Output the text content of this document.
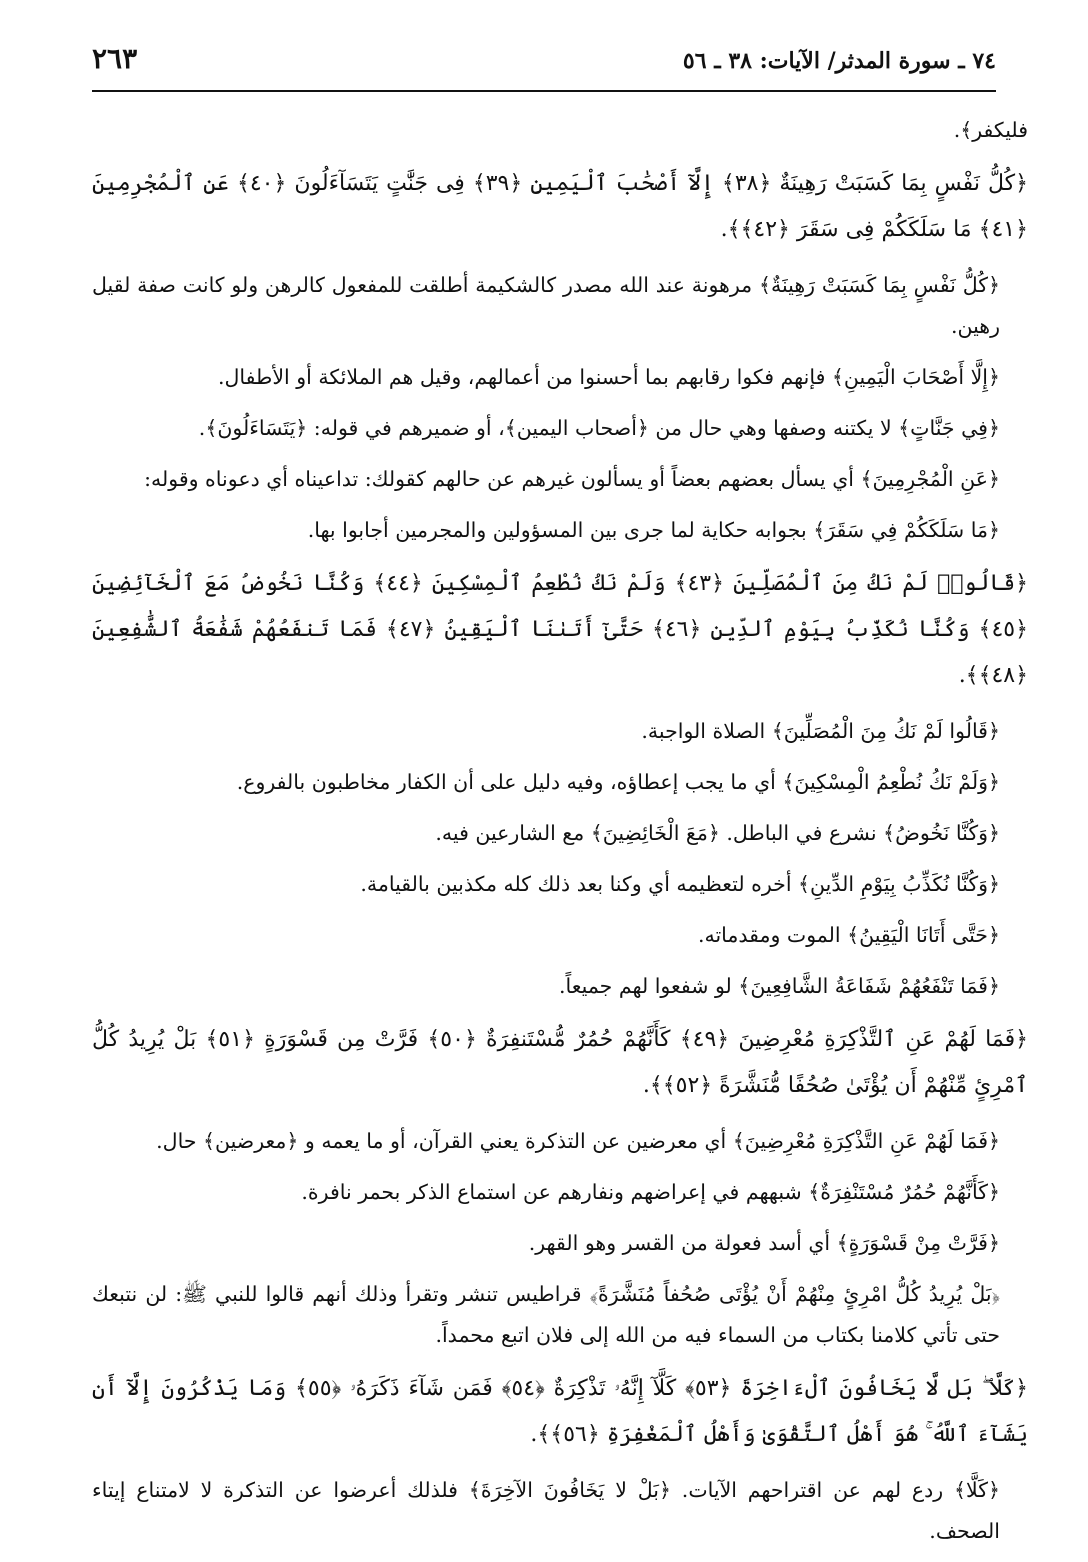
٧٤ ـ سورة المدثر/ الآيات: ٣٨ ـ ٥٦
٢٦٣

فليكفر﴾.

﴿كُلُّ نَفْسٍ بِمَا كَسَبَتْ رَهِينَةٌ ﴿٣٨﴾ إِلَّآ أَصْحَٰبَ ٱلْيَمِينِ ﴿٣٩﴾ فِى جَنَّٰتٍ يَتَسَآءَلُونَ ﴿٤٠﴾ عَنِ ٱلْمُجْرِمِينَ ﴿٤١﴾ مَا سَلَكَكُمْ فِى سَقَرَ ﴿٤٢﴾﴾.

﴿كُلُّ نَفْسٍ بِمَا كَسَبَتْ رَهِينَةٌ﴾ مرهونة عند الله مصدر كالشكيمة أطلقت للمفعول كالرهن ولو كانت صفة لقيل رهين.

﴿إِلَّا أَصْحَابَ الْيَمِينِ﴾ فإنهم فكوا رقابهم بما أحسنوا من أعمالهم، وقيل هم الملائكة أو الأطفال.

﴿فِي جَنَّاتٍ﴾ لا يكتنه وصفها وهي حال من ﴿أصحاب اليمين﴾، أو ضميرهم في قوله: ﴿يَتَسَاءَلُونَ﴾.

﴿عَنِ الْمُجْرِمِينَ﴾ أي يسأل بعضهم بعضاً أو يسألون غيرهم عن حالهم كقولك: تداعيناه أي دعوناه وقوله:

﴿مَا سَلَكَكُمْ فِي سَقَرَ﴾ بجوابه حكاية لما جرى بين المسؤولين والمجرمين أجابوا بها.

﴿قَالُوا۟ لَمْ نَكُ مِنَ ٱلْمُصَلِّينَ ﴿٤٣﴾ وَلَمْ نَكُ نُطْعِمُ ٱلْمِسْكِينَ ﴿٤٤﴾ وَكُنَّا نَخُوضُ مَعَ ٱلْخَآئِضِينَ ﴿٤٥﴾ وَكُنَّا نُكَذِّبُ بِيَوْمِ ٱلدِّينِ ﴿٤٦﴾ حَتَّىٰٓ أَتَىٰنَا ٱلْيَقِينُ ﴿٤٧﴾ فَمَا تَنفَعُهُمْ شَفَٰعَةُ ٱلشَّٰفِعِينَ ﴿٤٨﴾﴾.

﴿قَالُوا لَمْ نَكُ مِنَ الْمُصَلِّينَ﴾ الصلاة الواجبة.

﴿وَلَمْ نَكُ نُطْعِمُ الْمِسْكِينَ﴾ أي ما يجب إعطاؤه، وفيه دليل على أن الكفار مخاطبون بالفروع.

﴿وَكُنَّا نَخُوضُ﴾ نشرع في الباطل. ﴿مَعَ الْخَائِضِينَ﴾ مع الشارعين فيه.

﴿وَكُنَّا نُكَذِّبُ بِيَوْمِ الدِّينِ﴾ أخره لتعظيمه أي وكنا بعد ذلك كله مكذبين بالقيامة.

﴿حَتَّى أَتَانَا الْيَقِينُ﴾ الموت ومقدماته.

﴿فَمَا تَنْفَعُهُمْ شَفَاعَةُ الشَّافِعِينَ﴾ لو شفعوا لهم جميعاً.

﴿فَمَا لَهُمْ عَنِ ٱلتَّذْكِرَةِ مُعْرِضِينَ ﴿٤٩﴾ كَأَنَّهُمْ حُمُرٌ مُّسْتَنفِرَةٌ ﴿٥٠﴾ فَرَّتْ مِن قَسْوَرَةٍ ﴿٥١﴾ بَلْ يُرِيدُ كُلُّ ٱمْرِئٍ مِّنْهُمْ أَن يُؤْتَىٰ صُحُفًا مُّنَشَّرَةً ﴿٥٢﴾﴾.

﴿فَمَا لَهُمْ عَنِ التَّذْكِرَةِ مُعْرِضِينَ﴾ أي معرضين عن التذكرة يعني القرآن، أو ما يعمه و ﴿معرضين﴾ حال.

﴿كَأَنَّهُمْ حُمُرٌ مُسْتَنْفِرَةٌ﴾ شبههم في إعراضهم ونفارهم عن استماع الذكر بحمر نافرة.

﴿فَرَّتْ مِنْ قَسْوَرَةٍ﴾ أي أسد فعولة من القسر وهو القهر.

﴿بَلْ يُرِيدُ كُلُّ امْرِئٍ مِنْهُمْ أَنْ يُؤْتَى صُحُفاً مُنَشَّرَةً﴾ قراطيس تنشر وتقرأ وذلك أنهم قالوا للنبي ﷺ: لن نتبعك حتى تأتي كلامنا بكتاب من السماء فيه من الله إلى فلان اتبع محمداً.

﴿كَلَّا ۖ بَل لَّا يَخَافُونَ ٱلْءَاخِرَةَ ﴿٥٣﴾ كَلَّآ إِنَّهُۥ تَذْكِرَةٌ ﴿٥٤﴾ فَمَن شَآءَ ذَكَرَهُۥ ﴿٥٥﴾ وَمَا يَذْكُرُونَ إِلَّآ أَن يَشَآءَ ٱللَّهُ ۚ هُوَ أَهْلُ ٱلتَّقْوَىٰ وَأَهْلُ ٱلْمَغْفِرَةِ ﴿٥٦﴾﴾.

﴿كَلَّا﴾ ردع لهم عن اقتراحهم الآيات. ﴿بَلْ لا يَخَافُونَ الآخِرَةَ﴾ فلذلك أعرضوا عن التذكرة لا لامتناع إيتاء الصحف.
